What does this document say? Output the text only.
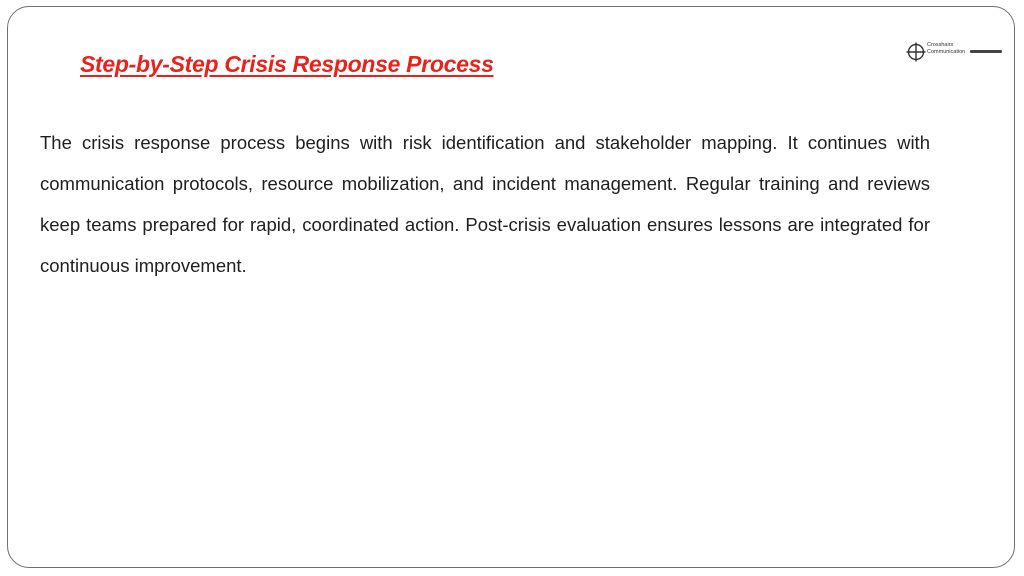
Crosshairs
Communication
Step-by-Step Crisis Response Process

The crisis response process begins with risk identification and stakeholder mapping. It continues with communication protocols, resource mobilization, and incident management. Regular training and reviews keep teams prepared for rapid, coordinated action. Post-crisis evaluation ensures lessons are integrated for continuous improvement.
